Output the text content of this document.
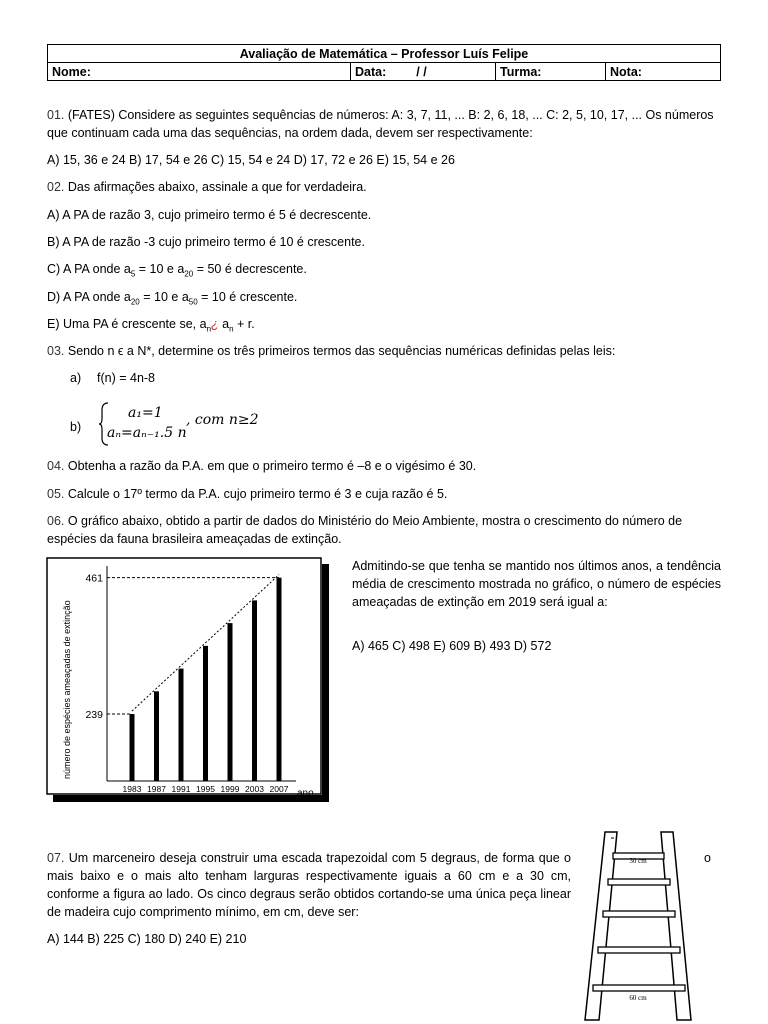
Avaliação de Matemática – Professor Luís Felipe
Nome:	Data: / /	Turma:	Nota:
01. (FATES) Considere as seguintes sequências de números: A: 3, 7, 11, ... B: 2, 6, 18, ... C: 2, 5, 10, 17, ... Os números
que continuam cada uma das sequências, na ordem dada, devem ser respectivamente:
A) 15, 36 e 24 B) 17, 54 e 26 C) 15, 54 e 24 D) 17, 72 e 26 E) 15, 54 e 26
02. Das afirmações abaixo, assinale a que for verdadeira.
A) A PA de razão 3, cujo primeiro termo é 5 é decrescente.
B) A PA de razão -3 cujo primeiro termo é 10 é crescente.
C) A PA onde $a_5 = 10$ e $a_{20} = 50$ é decrescente.
D) A PA onde $a_{20} = 10$ e $a_{50} = 10$ é crescente.
E) Uma PA é crescente se, $a_n¿$ $a_n + r$.
03. Sendo n ϵ a N*, determine os três primeiros termos das sequências numéricas definidas pelas leis:
a) f(n) = 4n-8
b)
a₁=1
aₙ=aₙ₋₁.5 n
, com n≥2
04. Obtenha a razão da P.A. em que o primeiro termo é –8 e o vigésimo é 30.
05. Calcule o 17º termo da P.A. cujo primeiro termo é 3 e cuja razão é 5.
06. O gráfico abaixo, obtido a partir de dados do Ministério do Meio Ambiente, mostra o crescimento do número de
espécies da fauna brasileira ameaçadas de extinção.
número de espécies ameaçadas de extinção
ano
1983 1987 1991 1995 1999 2003 2007
239
461
Admitindo-se que tenha se mantido nos últimos anos, a tendência média de crescimento mostrada no gráfico, o número de espécies ameaçadas de extinção em 2019 será igual a:
A) 465 C) 498 E) 609 B) 493 D) 572
07. Um marceneiro deseja construir uma escada trapezoidal com 5 degraus, de forma que o mais baixo e o mais alto tenham larguras respectivamente iguais a 60 cm e a 30 cm, conforme a figura ao lado. Os cinco degraus serão obtidos cortando-se uma única peça linear de madeira cujo comprimento mínimo, em cm, deve ser:
o
A) 144 B) 225 C) 180 D) 240 E) 210
30 cm
60 cm
